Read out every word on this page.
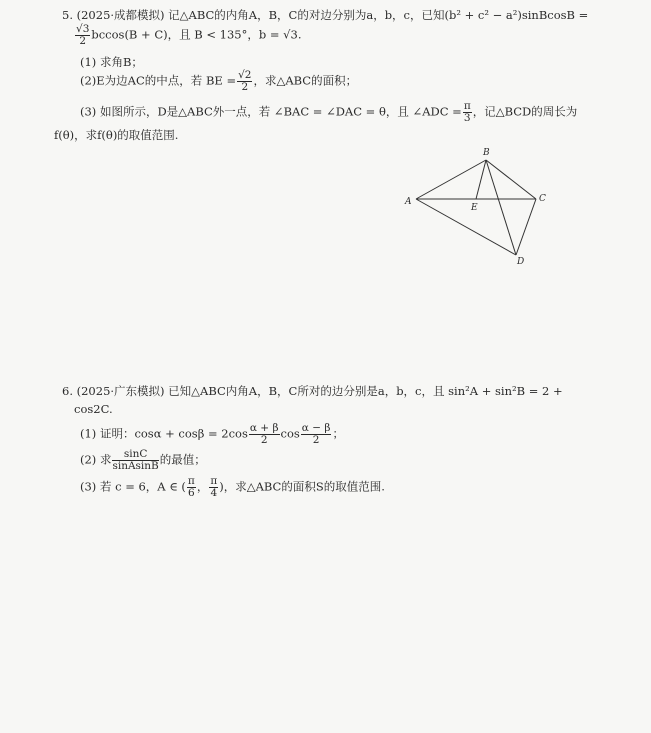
5. (2025·成都模拟) 记△ABC的内角A，B，C的对边分别为a，b，c，已知(b² + c² − a²)sinBcosB =
$\frac{√3}{2} bccos(B + C)$，且 B < 135°，b = √3.
(1) 求角B；
(2)E为边AC的中点，若 BE = $\frac{√2}{2}$ ，求△ABC的面积；
(3) 如图所示，D是△ABC外一点，若 ∠BAC = ∠DAC = θ，且 ∠ADC = $\frac{\pi}{3}$ ，记△BCD的周长为
f(θ)，求f(θ)的取值范围.
A
B
C
D
E
6. (2025·广东模拟) 已知△ABC内角A，B，C所对的边分别是a，b，c，且 sin²A + sin²B = 2 +
cos2C.
(1) 证明：$\cos\alpha + \cos\beta = 2\cos \frac{\alpha + \beta}{2}$ $\cos \frac{\alpha - \beta}{2}$ ；
(2) 求 $\frac{\sin C}{\text{sinAsinB}}$ 的最值；
(3) 若 c = 6，A ∈ ( $\frac{\pi}{6}$ ， $\frac{\pi}{4}$ )，求△ABC的面积S的取值范围.
